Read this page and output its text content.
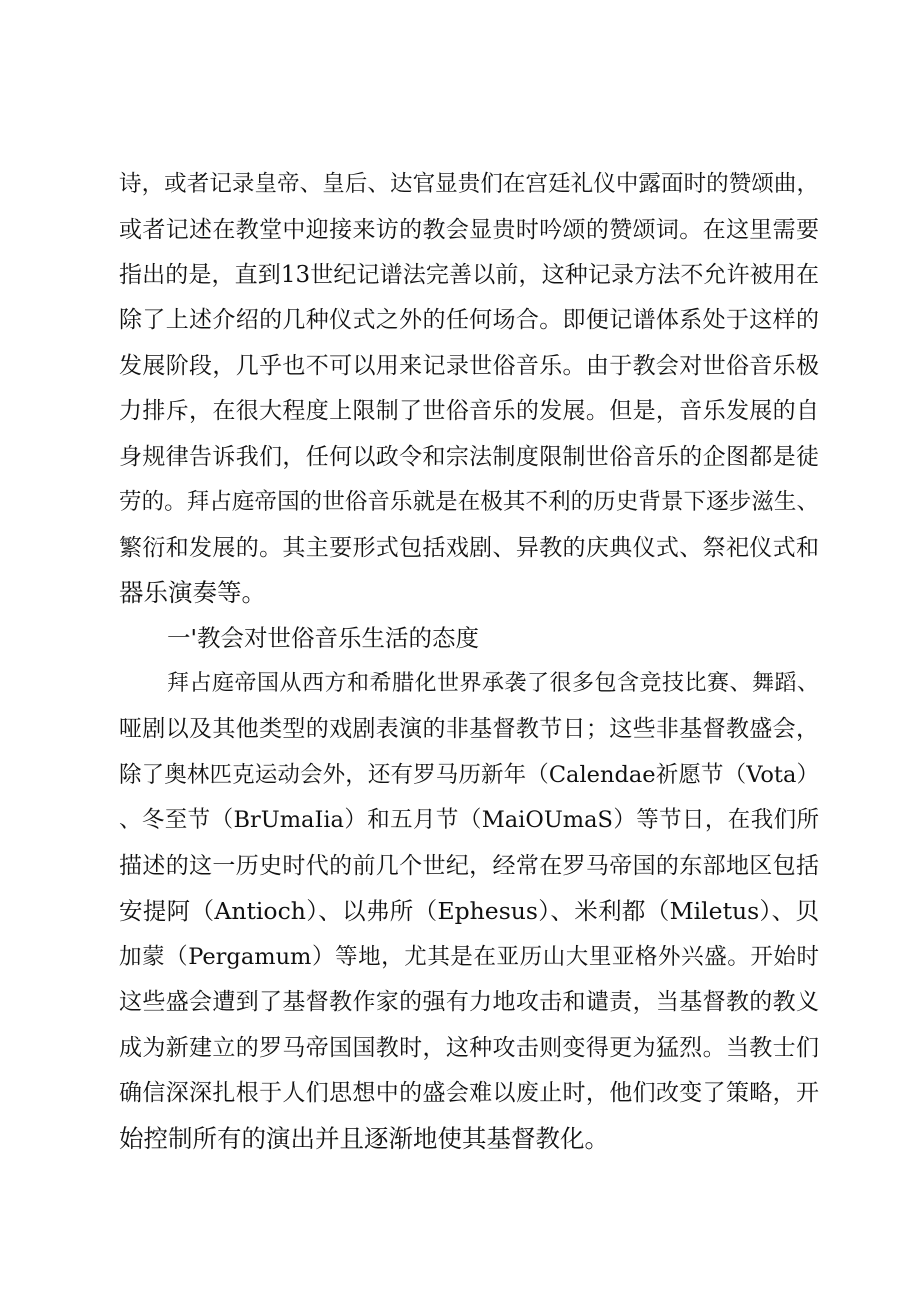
诗，或者记录皇帝、皇后、达官显贵们在宫廷礼仪中露面时的赞颂曲，
或者记述在教堂中迎接来访的教会显贵时吟颂的赞颂词。在这里需要
指出的是，直到13世纪记谱法完善以前，这种记录方法不允许被用在
除了上述介绍的几种仪式之外的任何场合。即便记谱体系处于这样的
发展阶段，几乎也不可以用来记录世俗音乐。由于教会对世俗音乐极
力排斥，在很大程度上限制了世俗音乐的发展。但是，音乐发展的自
身规律告诉我们，任何以政令和宗法制度限制世俗音乐的企图都是徒
劳的。拜占庭帝国的世俗音乐就是在极其不利的历史背景下逐步滋生、
繁衍和发展的。其主要形式包括戏剧、异教的庆典仪式、祭祀仪式和
器乐演奏等。
一'教会对世俗音乐生活的态度
拜占庭帝国从西方和希腊化世界承袭了很多包含竞技比赛、舞蹈、
哑剧以及其他类型的戏剧表演的非基督教节日；这些非基督教盛会，
除了奥林匹克运动会外，还有罗马历新年（Calendae祈愿节（Vota）
、冬至节（BrUmaIia）和五月节（MaiOUmaS）等节日，在我们所
描述的这一历史时代的前几个世纪，经常在罗马帝国的东部地区包括
安提阿（Antioch）、以弗所（Ephesus）、米利都（Miletus）、贝
加蒙（Pergamum）等地，尤其是在亚历山大里亚格外兴盛。开始时
这些盛会遭到了基督教作家的强有力地攻击和谴责，当基督教的教义
成为新建立的罗马帝国国教时，这种攻击则变得更为猛烈。当教士们
确信深深扎根于人们思想中的盛会难以废止时，他们改变了策略，开
始控制所有的演出并且逐渐地使其基督教化。
